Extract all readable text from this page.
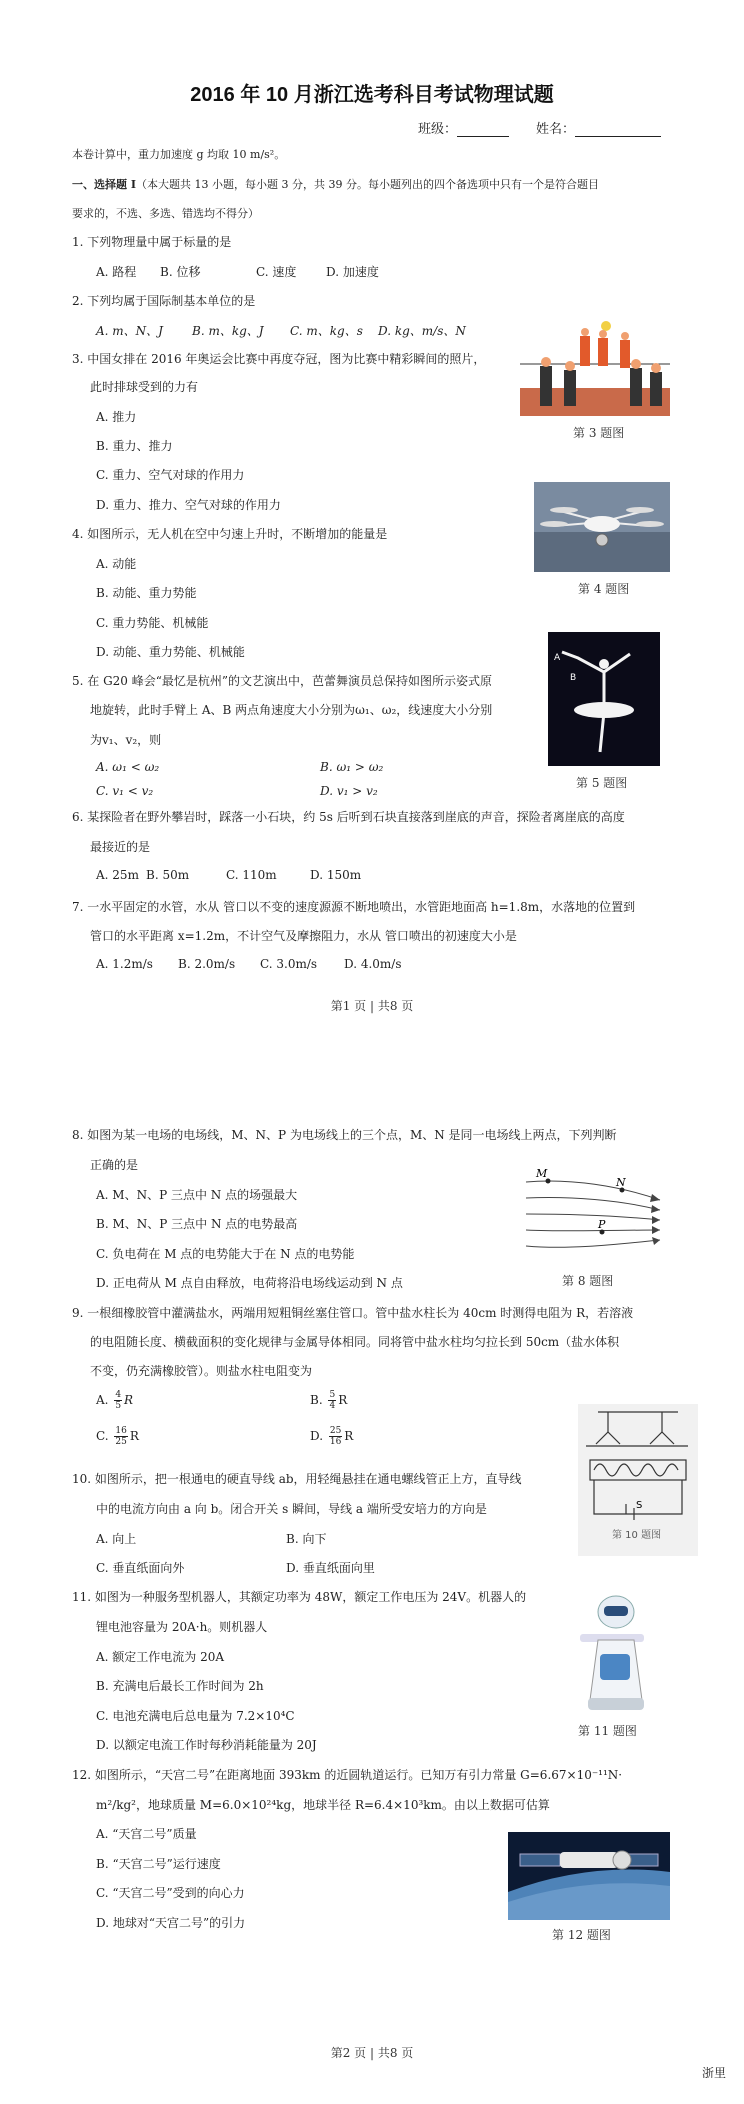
2016 年 10 月浙江选考科目考试物理试题
班级：	姓名：
本卷计算中，重力加速度 g 均取 10 m/s²。
一、选择题 I（本大题共 13 小题，每小题 3 分，共 39 分。每小题列出的四个备选项中只有一个是符合题目
要求的，不选、多选、错选均不得分）
1. 下列物理量中属于标量的是
A. 路程 B. 位移	C. 速度 D. 加速度
2. 下列均属于国际制基本单位的是
A. m、N、J B. m、kg、J C. m、kg、s D. kg、m/s、N
3. 中国女排在 2016 年奥运会比赛中再度夺冠，图为比赛中精彩瞬间的照片，
此时排球受到的力有
A. 推力
B. 重力、推力
C. 重力、空气对球的作用力
D. 重力、推力、空气对球的作用力
第 3 题图
4. 如图所示，无人机在空中匀速上升时，不断增加的能量是
A. 动能
B. 动能、重力势能
C. 重力势能、机械能
D. 动能、重力势能、机械能
第 4 题图
5. 在 G20 峰会“最忆是杭州”的文艺演出中，芭蕾舞演员总保持如图所示姿式原
地旋转，此时手臂上 A、B 两点角速度大小分别为ω₁、ω₂，线速度大小分别
为v₁、v₂，则
A. ω₁ < ω₂	B. ω₁ > ω₂
C. v₁ < v₂	D. v₁ > v₂
A
B
第 5 题图
6. 某探险者在野外攀岩时，踩落一小石块，约 5s 后听到石块直接落到崖底的声音，探险者离崖底的高度
最接近的是
A. 25m B. 50m	C. 110m	D. 150m
7. 一水平固定的水管，水从 管口以不变的速度源源不断地喷出，水管距地面高 h=1.8m，水落地的位置到
管口的水平距离 x=1.2m，不计空气及摩擦阻力，水从 管口喷出的初速度大小是
A. 1.2m/s B. 2.0m/s C. 3.0m/s D. 4.0m/s
第1 页 | 共8 页
8. 如图为某一电场的电场线，M、N、P 为电场线上的三个点，M、N 是同一电场线上两点，下列判断
正确的是
A. M、N、P 三点中 N 点的场强最大
B. M、N、P 三点中 N 点的电势最高
C. 负电荷在 M 点的电势能大于在 N 点的电势能
D. 正电荷从 M 点自由释放，电荷将沿电场线运动到 N 点
M
N
P
第 8 题图
9. 一根细橡胶管中灌满盐水，两端用短粗铜丝塞住管口。管中盐水柱长为 40cm 时测得电阻为 R，若溶液
的电阻随长度、横截面积的变化规律与金属导体相同。同将管中盐水柱均匀拉长到 50cm（盐水体积
不变，仍充满橡胶管）。则盐水柱电阻变为
A. $\frac{4}{5}$ R	B. $\frac{5}{4}$ R
C. $\frac{16}{25}$ R	D. $\frac{25}{16}$ R
10. 如图所示，把一根通电的硬直导线 ab，用轻绳悬挂在通电螺线管正上方，直导线
中的电流方向由 a 向 b。闭合开关 s 瞬间，导线 a 端所受安培力的方向是
A. 向上	B. 向下
C. 垂直纸面向外	D. 垂直纸面向里
S
第 10 题图
11. 如图为一种服务型机器人，其额定功率为 48W，额定工作电压为 24V。机器人的
锂电池容量为 20A·h。则机器人
A. 额定工作电流为 20A
B. 充满电后最长工作时间为 2h
C. 电池充满电后总电量为 7.2×10⁴C
D. 以额定电流工作时每秒消耗能量为 20J
第 11 题图
12. 如图所示，“天宫二号”在距离地面 393km 的近圆轨道运行。已知万有引力常量 G=6.67×10⁻¹¹N·
m²/kg²，地球质量 M=6.0×10²⁴kg，地球半径 R=6.4×10³km。由以上数据可估算
A. “天宫二号”质量
B. “天宫二号”运行速度
C. “天宫二号”受到的向心力
D. 地球对“天宫二号”的引力
第 12 题图
第2 页 | 共8 页
浙里
